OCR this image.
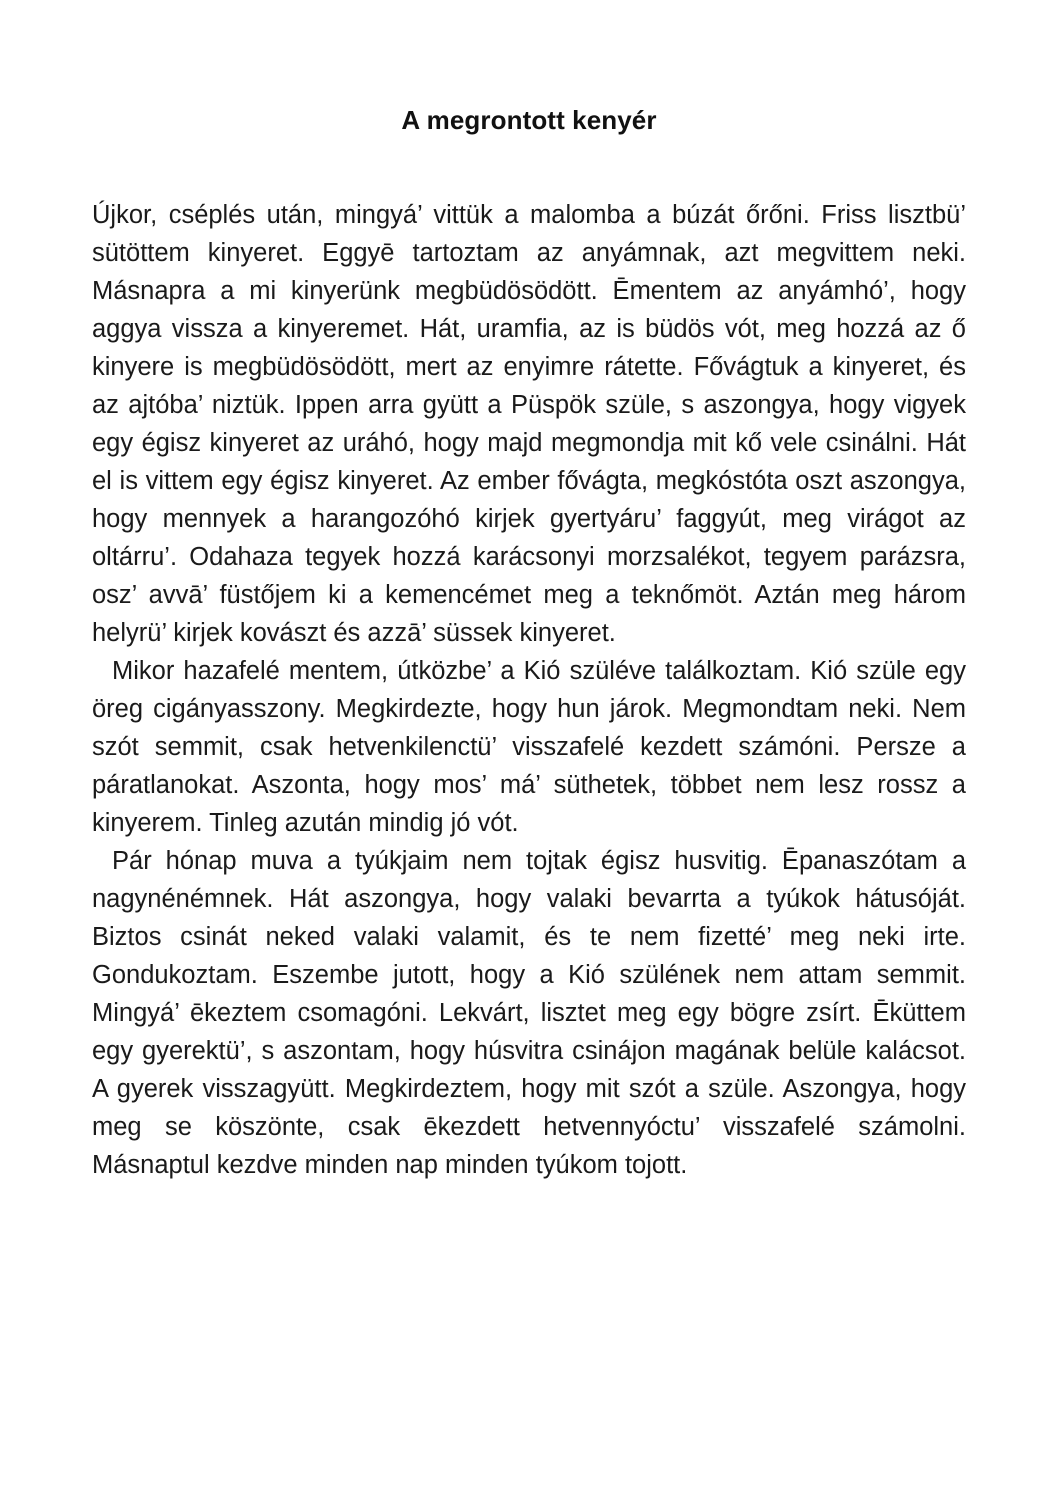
A megrontott kenyér

Újkor, cséplés után, mingyá’ vittük a malomba a búzát őrőni. Friss lisztbü’ sütöttem kinyeret. Eggyē tartoztam az anyámnak, azt megvittem neki. Másnapra a mi kinyerünk megbüdösödött. Ēmentem az anyámhó’, hogy aggya vissza a kinyeremet. Hát, uramfia, az is büdös vót, meg hozzá az ő kinyere is megbüdösödött, mert az enyimre rátette. Fővágtuk a kinyeret, és az ajtóba’ niztük. Ippen arra gyütt a Püspök szüle, s aszongya, hogy vigyek egy égisz kinyeret az uráhó, hogy majd megmondja mit kő vele csinálni. Hát el is vittem egy égisz kinyeret. Az ember fővágta, megkóstóta oszt aszongya, hogy mennyek a harangozóhó kirjek gyertyáru’ faggyút, meg virágot az oltárru’. Odahaza tegyek hozzá karácsonyi morzsalékot, tegyem parázsra, osz’ avvā’ füstőjem ki a kemencémet meg a teknőmöt. Aztán meg három helyrü’ kirjek kovászt és azzā’ süssek kinyeret.

Mikor hazafelé mentem, útközbe’ a Kió szüléve találkoztam. Kió szüle egy öreg cigányasszony. Megkirdezte, hogy hun járok. Megmondtam neki. Nem szót semmit, csak hetvenkilenctü’ visszafelé kezdett számóni. Persze a páratlanokat. Aszonta, hogy mos’ má’ süthetek, többet nem lesz rossz a kinyerem. Tinleg azután mindig jó vót.

Pár hónap muva a tyúkjaim nem tojtak égisz husvitig. Ēpanaszótam a nagynénémnek. Hát aszongya, hogy valaki bevarrta a tyúkok hátusóját. Biztos csinát neked valaki valamit, és te nem fizetté’ meg neki irte. Gondukoztam. Eszembe jutott, hogy a Kió szülének nem attam semmit. Mingyá’ ēkeztem csomagóni. Lekvárt, lisztet meg egy bögre zsírt. Ēküttem egy gyerektü’, s aszontam, hogy húsvitra csinájon magának belüle kalácsot. A gyerek visszagyütt. Megkirdeztem, hogy mit szót a szüle. Aszongya, hogy meg se köszönte, csak ēkezdett hetvennyóctu’ visszafelé számolni. Másnaptul kezdve minden nap minden tyúkom tojott.
